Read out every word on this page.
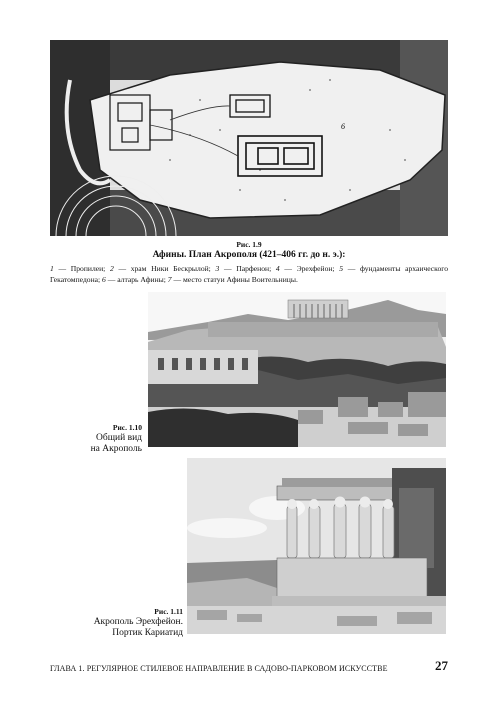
6
Рис. 1.9
Афины. План Акрополя (421–406 гг. до н. э.):
1 — Пропилеи; 2 — храм Ники Бескрылой; 3 — Парфенон; 4 — Эрехфейон; 5 — фундаменты архаического Гекатомпедона; 6 — алтарь Афины; 7 — место статуи Афины Воительницы.
Рис. 1.10
Общий вид
на Акрополь
Рис. 1.11
Акрополь Эрехфейон.
Портик Кариатид
ГЛАВА 1. РЕГУЛЯРНОЕ СТИЛЕВОЕ НАПРАВЛЕНИЕ В САДОВО-ПАРКОВОМ ИСКУССТВЕ	27
